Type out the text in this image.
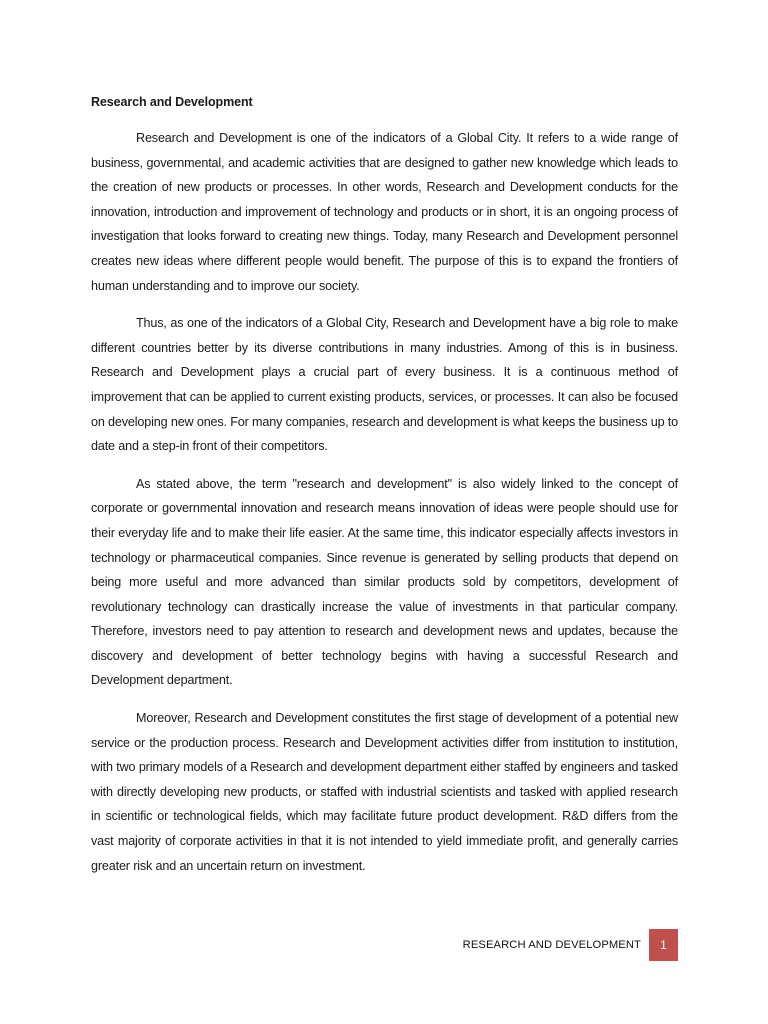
Research and Development

Research and Development is one of the indicators of a Global City. It refers to a wide range of business, governmental, and academic activities that are designed to gather new knowledge which leads to the creation of new products or processes. In other words, Research and Development conducts for the innovation, introduction and improvement of technology and products or in short, it is an ongoing process of investigation that looks forward to creating new things. Today, many Research and Development personnel creates new ideas where different people would benefit. The purpose of this is to expand the frontiers of human understanding and to improve our society.

Thus, as one of the indicators of a Global City, Research and Development have a big role to make different countries better by its diverse contributions in many industries. Among of this is in business. Research and Development plays a crucial part of every business. It is a continuous method of improvement that can be applied to current existing products, services, or processes. It can also be focused on developing new ones. For many companies, research and development is what keeps the business up to date and a step-in front of their competitors.

As stated above, the term "research and development" is also widely linked to the concept of corporate or governmental innovation and research means innovation of ideas were people should use for their everyday life and to make their life easier. At the same time, this indicator especially affects investors in technology or pharmaceutical companies. Since revenue is generated by selling products that depend on being more useful and more advanced than similar products sold by competitors, development of revolutionary technology can drastically increase the value of investments in that particular company. Therefore, investors need to pay attention to research and development news and updates, because the discovery and development of better technology begins with having a successful Research and Development department.

Moreover, Research and Development constitutes the first stage of development of a potential new service or the production process. Research and Development activities differ from institution to institution, with two primary models of a Research and development department either staffed by engineers and tasked with directly developing new products, or staffed with industrial scientists and tasked with applied research in scientific or technological fields, which may facilitate future product development. R&D differs from the vast majority of corporate activities in that it is not intended to yield immediate profit, and generally carries greater risk and an uncertain return on investment.

RESEARCH AND DEVELOPMENT	1
